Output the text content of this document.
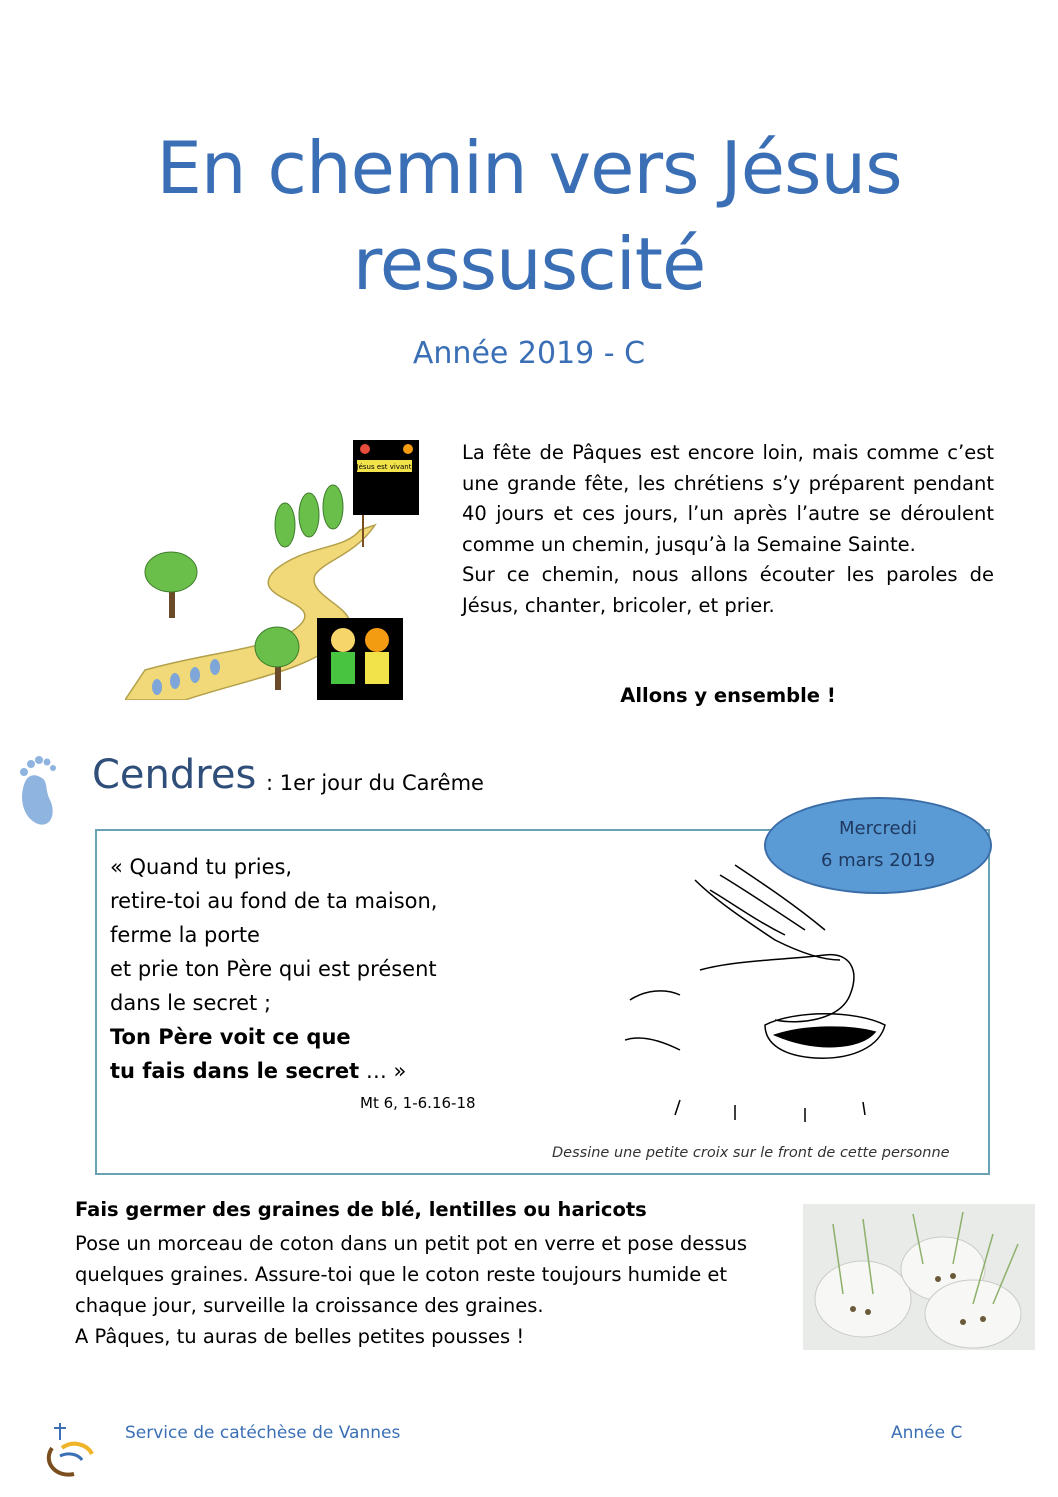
En chemin vers Jésus
ressuscité
Année 2019 - C
Jésus est vivant

La fête de Pâques est encore loin, mais comme c’est une grande fête, les chrétiens s’y préparent pendant 40 jours et ces jours, l’un après l’autre se déroulent comme un chemin, jusqu’à la Semaine Sainte.

Sur ce chemin, nous allons écouter les paroles de Jésus, chanter, bricoler, et prier.

Allons y ensemble !
Cendres : 1er jour du Carême
Mercredi
6 mars 2019
« Quand tu pries,
retire-toi au fond de ta maison,
ferme la porte
et prie ton Père qui est présent
dans le secret ;
Ton Père voit ce que
tu fais dans le secret … »
Mt 6, 1-6.16-18
Dessine une petite croix sur le front de cette personne
Fais germer des graines de blé, lentilles ou haricots

Pose un morceau de coton dans un petit pot en verre et pose dessus

quelques graines. Assure-toi que le coton reste toujours humide et

chaque jour, surveille la croissance des graines.

A Pâques, tu auras de belles petites pousses !

Service de catéchèse de Vannes	Année C
